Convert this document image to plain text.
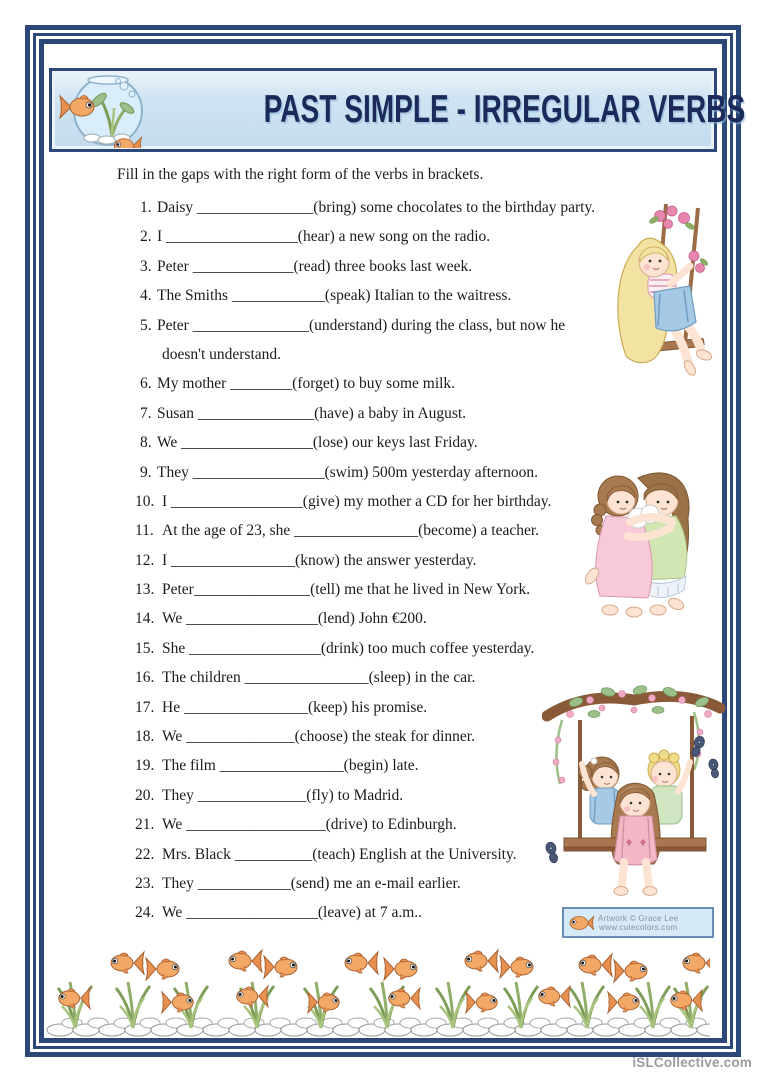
PAST SIMPLE - IRREGULAR VERBS
Fill in the gaps with the right form of the verbs in brackets.
1. Daisy _______________(bring) some chocolates to the birthday party.
2. I _________________(hear) a new song on the radio.
3. Peter _____________(read) three books last week.
4. The Smiths ____________(speak) Italian to the waitress.
5. Peter _______________(understand) during the class, but now he
doesn't understand.
6. My mother ________(forget) to buy some milk.
7. Susan _______________(have) a baby in August.
8. We _________________(lose) our keys last Friday.
9. They _________________(swim) 500m yesterday afternoon.
10. I _________________(give) my mother a CD for her birthday.
11. At the age of 23, she ________________(become) a teacher.
12. I ________________(know) the answer yesterday.
13. Peter_______________(tell) me that he lived in New York.
14. We _________________(lend) John €200.
15. She _________________(drink) too much coffee yesterday.
16. The children ________________(sleep) in the car.
17. He ________________(keep) his promise.
18. We ______________(choose) the steak for dinner.
19. The film ________________(begin) late.
20. They ______________(fly) to Madrid.
21. We __________________(drive) to Edinburgh.
22. Mrs. Black __________(teach) English at the University.
23. They ____________(send) me an e-mail earlier.
24. We _________________(leave) at 7 a.m..	Artwork © Grace Lee
www.cutecolors.com
iSLCollective.com
